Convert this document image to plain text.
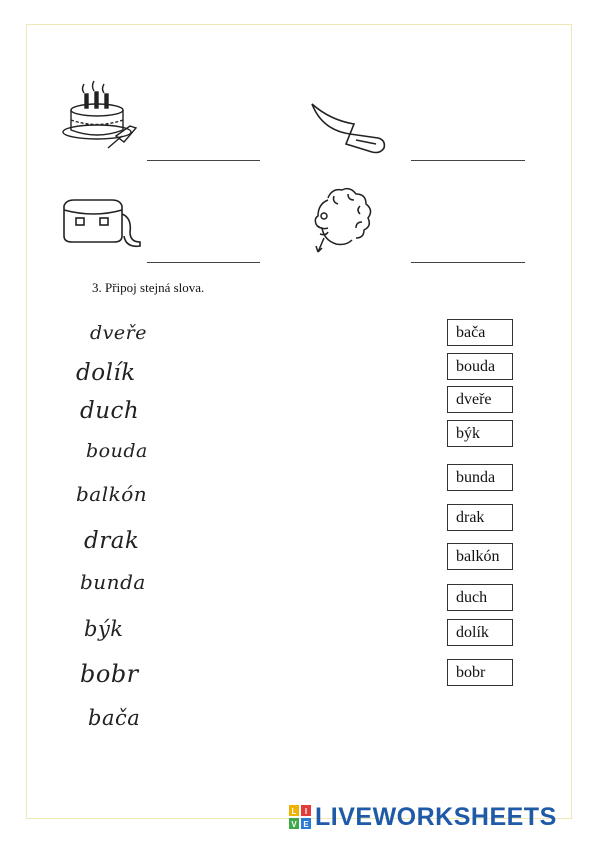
3. Připoj stejná slova.
dveře
dolík
duch
bouda
balkón
drak
bunda
býk
bobr
bača
bača
bouda
dveře
býk
bunda
drak
balkón
duch
dolík
bobr
L I
V E LIVEWORKSHEETS
